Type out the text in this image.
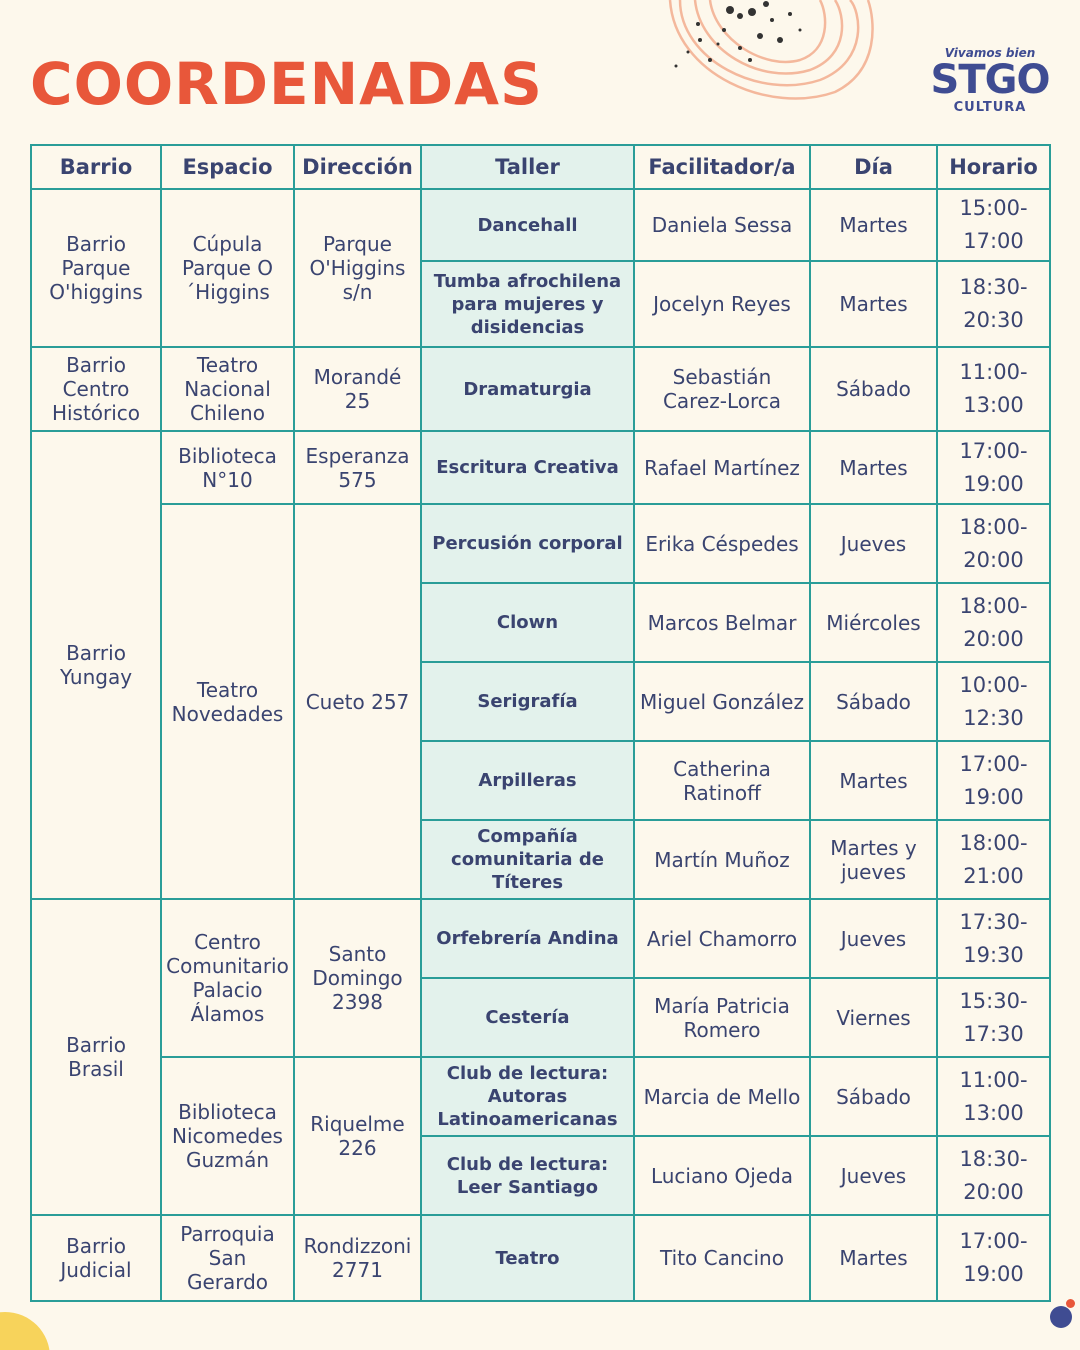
COORDENADAS	Vivamos bien
STGO
CULTURA
Barrio	Espacio	Dirección	Taller	Facilitador/a	Día	Horario
Barrio Parque O'higgins	Cúpula Parque O´Higgins	Parque O'Higgins s/n	Dancehall	Daniela Sessa	Martes	15:00-17:00
			Tumba afrochilena para mujeres y disidencias	Jocelyn Reyes	Martes	18:30-20:30
Barrio Centro Histórico	Teatro Nacional Chileno	Morandé 25	Dramaturgia	Sebastián Carez-Lorca	Sábado	11:00-13:00
Barrio Yungay	Biblioteca N°10	Esperanza 575	Escritura Creativa	Rafael Martínez	Martes	17:00-19:00
	Teatro Novedades	Cueto 257	Percusión corporal	Erika Céspedes	Jueves	18:00-20:00
			Clown	Marcos Belmar	Miércoles	18:00-20:00
			Serigrafía	Miguel González	Sábado	10:00-12:30
			Arpilleras	Catherina Ratinoff	Martes	17:00-19:00
			Compañía comunitaria de Títeres	Martín Muñoz	Martes y jueves	18:00-21:00
Barrio Brasil	Centro Comunitario Palacio Álamos	Santo Domingo 2398	Orfebrería Andina	Ariel Chamorro	Jueves	17:30-19:30
			Cestería	María Patricia Romero	Viernes	15:30-17:30
	Biblioteca Nicomedes Guzmán	Riquelme 226	Club de lectura: Autoras Latinoamericanas	Marcia de Mello	Sábado	11:00-13:00
			Club de lectura: Leer Santiago	Luciano Ojeda	Jueves	18:30-20:00
Barrio Judicial	Parroquia San Gerardo	Rondizzoni 2771	Teatro	Tito Cancino	Martes	17:00-19:00
